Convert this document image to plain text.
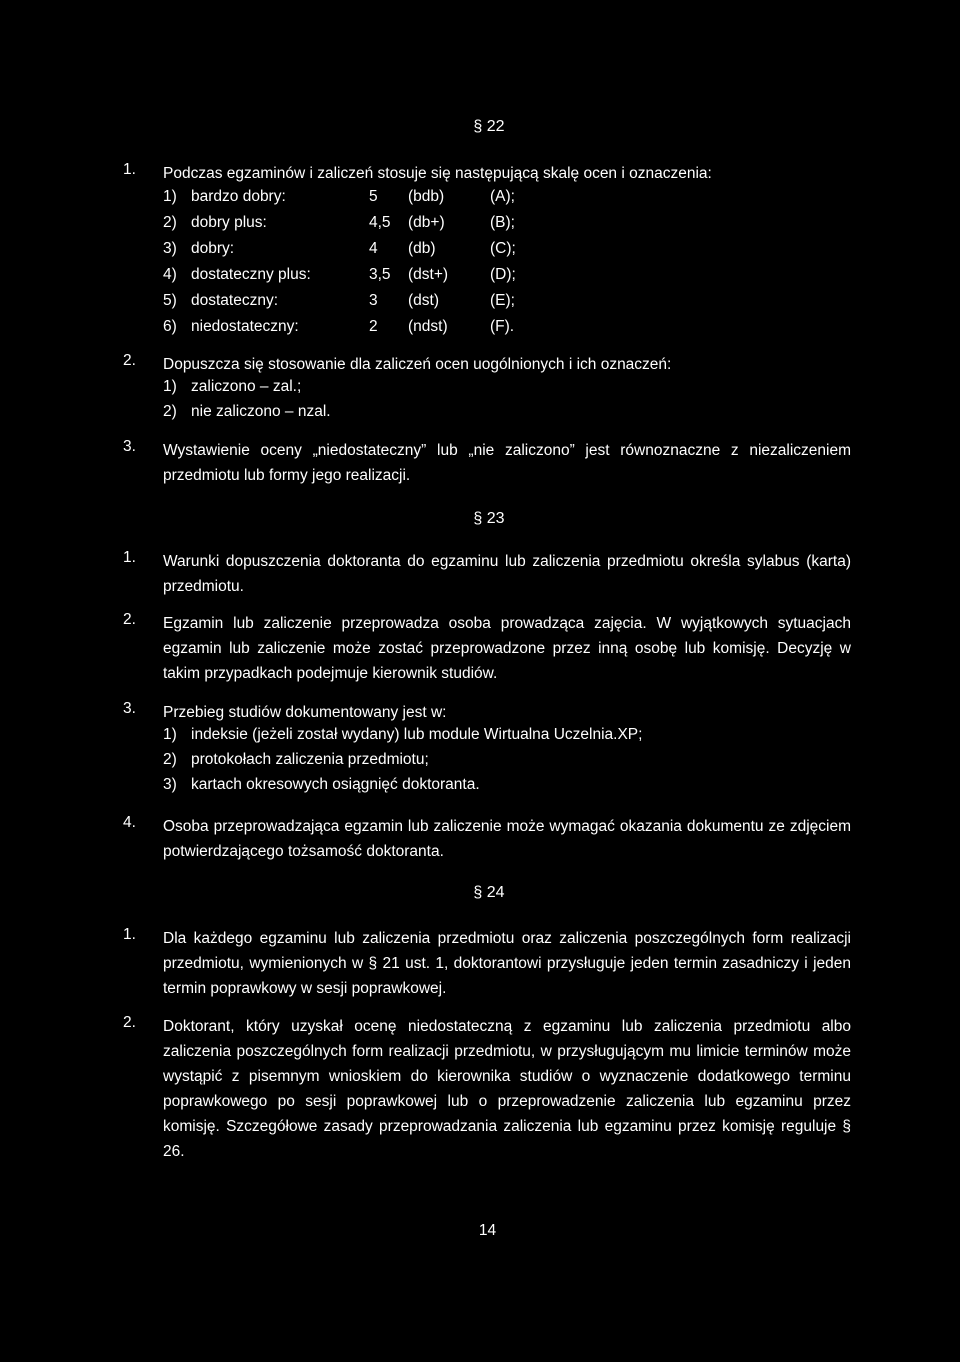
§ 22
1. Podczas egzaminów i zaliczeń stosuje się następującą skalę ocen i oznaczenia:
1) bardzo dobry:	5 (bdb)	(A);
2) dobry plus:	4,5 (db+)	(B);
3) dobry:	4 (db)	(C);
4) dostateczny plus:	3,5 (dst+)	(D);
5) dostateczny:	3 (dst)	(E);
6) niedostateczny:	2 (ndst)	(F).
2. Dopuszcza się stosowanie dla zaliczeń ocen uogólnionych i ich oznaczeń:
1) zaliczono – zal.;
2) nie zaliczono – nzal.
3. Wystawienie oceny „niedostateczny” lub „nie zaliczono” jest równoznaczne z niezaliczeniem przedmiotu lub formy jego realizacji.
§ 23
1. Warunki dopuszczenia doktoranta do egzaminu lub zaliczenia przedmiotu określa sylabus (karta) przedmiotu.
2. Egzamin lub zaliczenie przeprowadza osoba prowadząca zajęcia. W wyjątkowych sytuacjach egzamin lub zaliczenie może zostać przeprowadzone przez inną osobę lub komisję. Decyzję w takim przypadkach podejmuje kierownik studiów.
3. Przebieg studiów dokumentowany jest w:
1) indeksie (jeżeli został wydany) lub module Wirtualna Uczelnia.XP;
2) protokołach zaliczenia przedmiotu;
3) kartach okresowych osiągnięć doktoranta.
4. Osoba przeprowadzająca egzamin lub zaliczenie może wymagać okazania dokumentu ze zdjęciem potwierdzającego tożsamość doktoranta.
§ 24
1. Dla każdego egzaminu lub zaliczenia przedmiotu oraz zaliczenia poszczególnych form realizacji przedmiotu, wymienionych w § 21 ust. 1, doktorantowi przysługuje jeden termin zasadniczy i jeden termin poprawkowy w sesji poprawkowej.
2. Doktorant, który uzyskał ocenę niedostateczną z egzaminu lub zaliczenia przedmiotu albo zaliczenia poszczególnych form realizacji przedmiotu, w przysługującym mu limicie terminów może wystąpić z pisemnym wnioskiem do kierownika studiów o wyznaczenie dodatkowego terminu poprawkowego po sesji poprawkowej lub o przeprowadzenie zaliczenia lub egzaminu przez komisję. Szczegółowe zasady przeprowadzania zaliczenia lub egzaminu przez komisję reguluje § 26.
14
